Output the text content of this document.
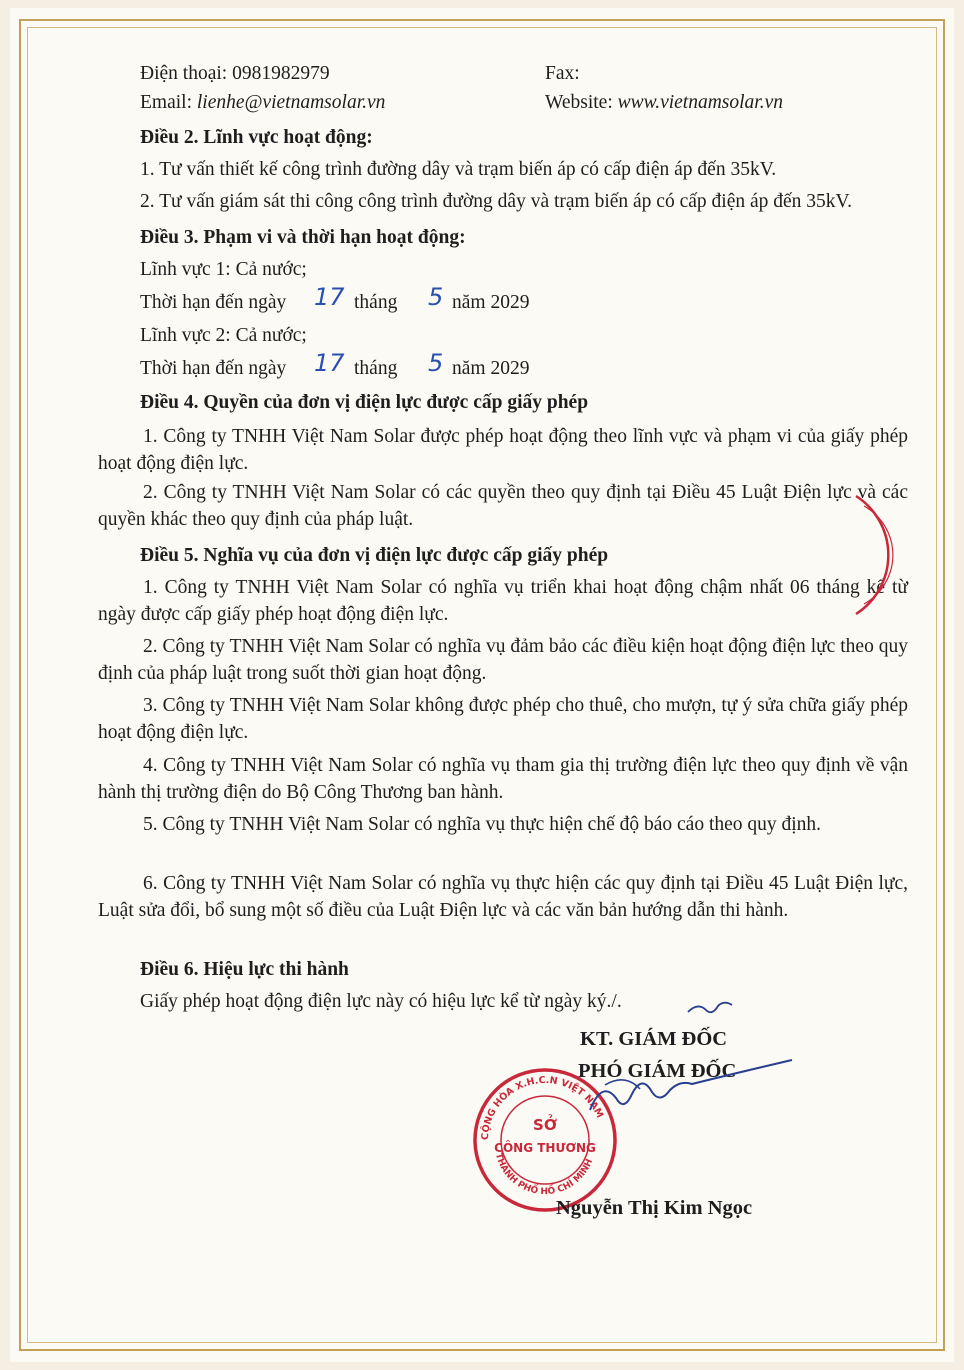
Điện thoại: 0981982979	Fax:
Email: lienhe@vietnamsolar.vn	Website: www.vietnamsolar.vn
Điều 2. Lĩnh vực hoạt động:
1. Tư vấn thiết kế công trình đường dây và trạm biến áp có cấp điện áp đến 35kV.
2. Tư vấn giám sát thi công công trình đường dây và trạm biến áp có cấp điện áp đến 35kV.
Điều 3. Phạm vi và thời hạn hoạt động:
Lĩnh vực 1: Cả nước;
Thời hạn đến ngày 17 tháng 5 năm 2029
Lĩnh vực 2: Cả nước;
Thời hạn đến ngày 17 tháng 5 năm 2029
Điều 4. Quyền của đơn vị điện lực được cấp giấy phép
1. Công ty TNHH Việt Nam Solar được phép hoạt động theo lĩnh vực và phạm vi của giấy phép hoạt động điện lực.
2. Công ty TNHH Việt Nam Solar có các quyền theo quy định tại Điều 45 Luật Điện lực và các quyền khác theo quy định của pháp luật.
Điều 5. Nghĩa vụ của đơn vị điện lực được cấp giấy phép
1. Công ty TNHH Việt Nam Solar có nghĩa vụ triển khai hoạt động chậm nhất 06 tháng kể từ ngày được cấp giấy phép hoạt động điện lực.
2. Công ty TNHH Việt Nam Solar có nghĩa vụ đảm bảo các điều kiện hoạt động điện lực theo quy định của pháp luật trong suốt thời gian hoạt động.
3. Công ty TNHH Việt Nam Solar không được phép cho thuê, cho mượn, tự ý sửa chữa giấy phép hoạt động điện lực.
4. Công ty TNHH Việt Nam Solar có nghĩa vụ tham gia thị trường điện lực theo quy định về vận hành thị trường điện do Bộ Công Thương ban hành.
5. Công ty TNHH Việt Nam Solar có nghĩa vụ thực hiện chế độ báo cáo theo quy định.
6. Công ty TNHH Việt Nam Solar có nghĩa vụ thực hiện các quy định tại Điều 45 Luật Điện lực, Luật sửa đổi, bổ sung một số điều của Luật Điện lực và các văn bản hướng dẫn thi hành.
Điều 6. Hiệu lực thi hành
Giấy phép hoạt động điện lực này có hiệu lực kể từ ngày ký./.
KT. GIÁM ĐỐC
PHÓ GIÁM ĐỐC
CỘNG HÒA X.H.C.N VIỆT NAM
THÀNH PHỐ HỒ CHÍ MINH
SỞ
CÔNG THƯƠNG
Nguyễn Thị Kim Ngọc
